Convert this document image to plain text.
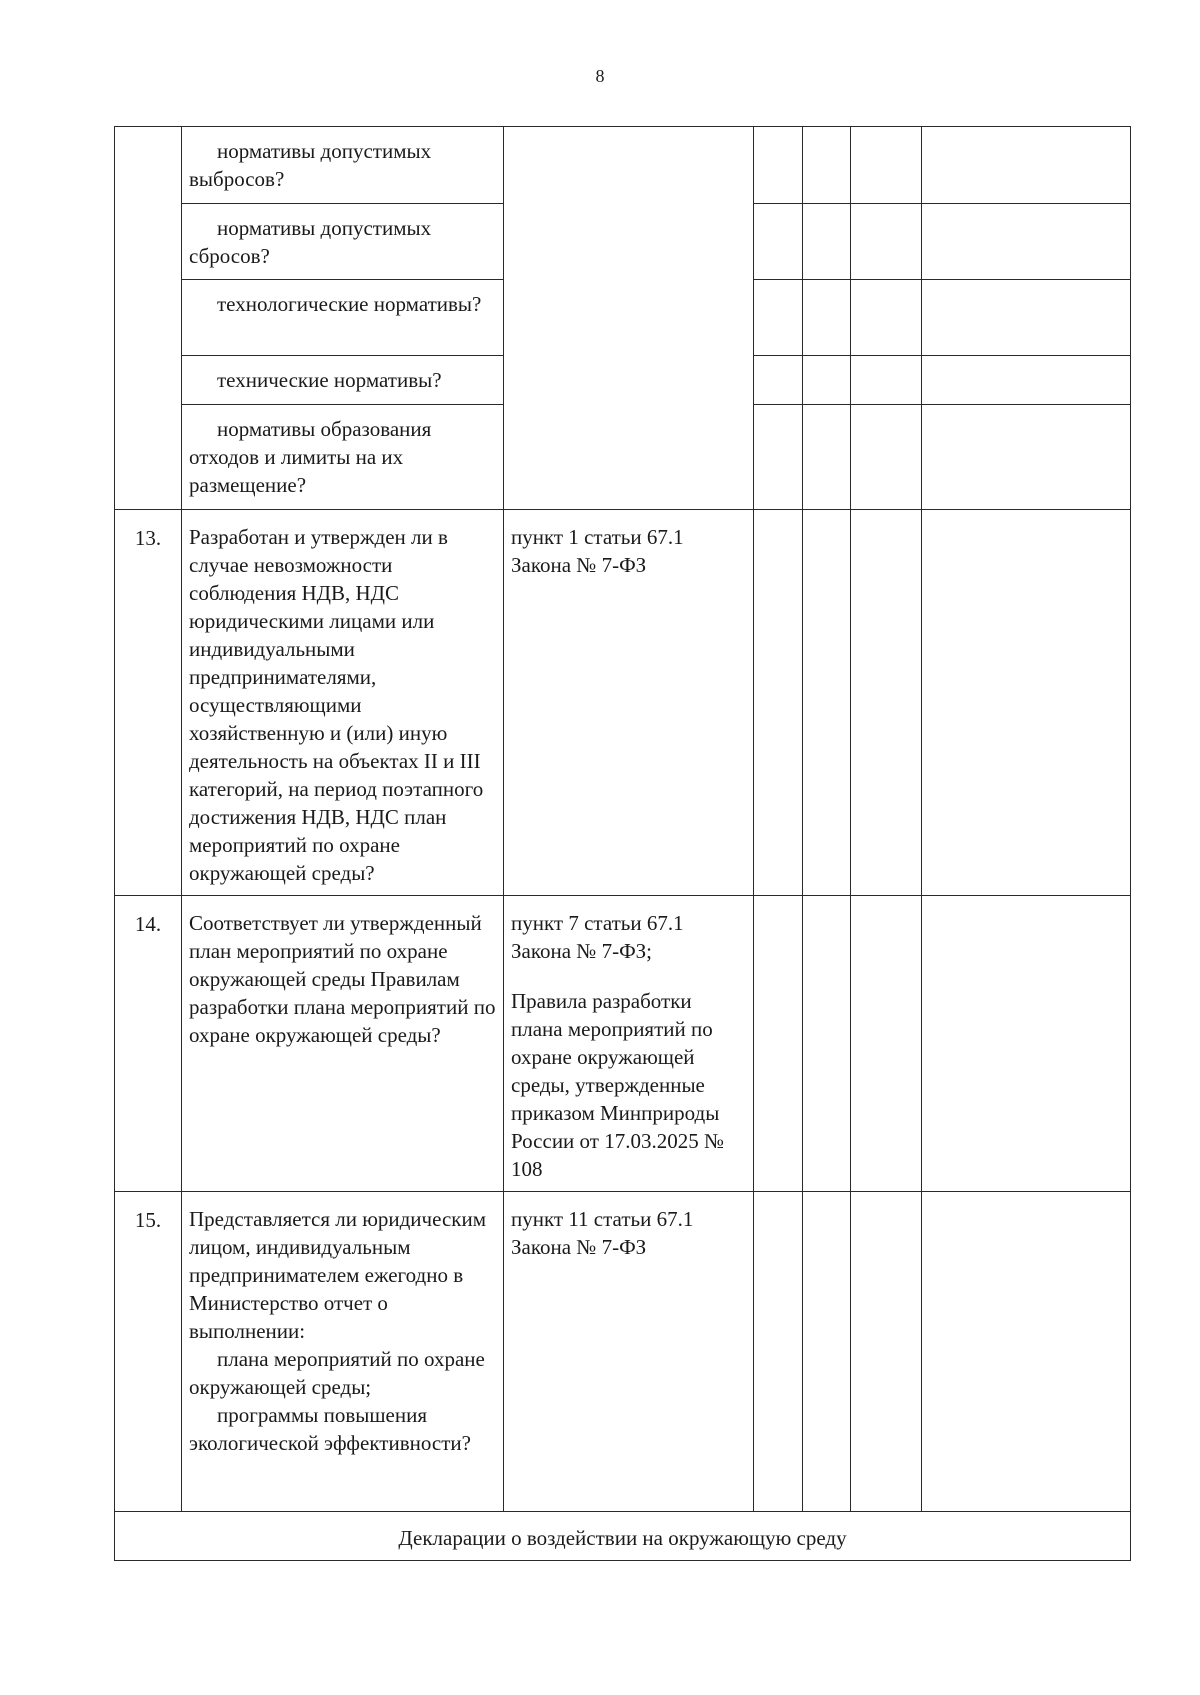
8

	нормативы допустимых выбросов?					

	нормативы допустимых сбросов?					

	технологические нормативы?					

	технические нормативы?					

	нормативы образования отходов и лимиты на их размещение?					

13.	Разработан и утвержден ли в случае невозможности соблюдения НДВ, НДС юридическими лицами или индивидуальными предпринимателями, осуществляющими хозяйственную и (или) иную деятельность на объектах II и III категорий, на период поэтапного достижения НДВ, НДС план мероприятий по охране окружающей среды?	пункт 1 статьи 67.1 Закона № 7-ФЗ				

14.	Соответствует ли утвержденный план мероприятий по охране окружающей среды Правилам разработки плана мероприятий по охране окружающей среды?	пункт 7 статьи 67.1 Закона № 7-ФЗ;
Правила разработки плана мероприятий по охране окружающей среды, утвержденные приказом Минприроды России от 17.03.2025 № 108				

15.	Представляется ли юридическим лицом, индивидуальным предпринимателем ежегодно в Министерство отчет о выполнении:
плана мероприятий по охране окружающей среды;
программы повышения экологической эффективности?	пункт 11 статьи 67.1 Закона № 7-ФЗ				

Декларации о воздействии на окружающую среду						
